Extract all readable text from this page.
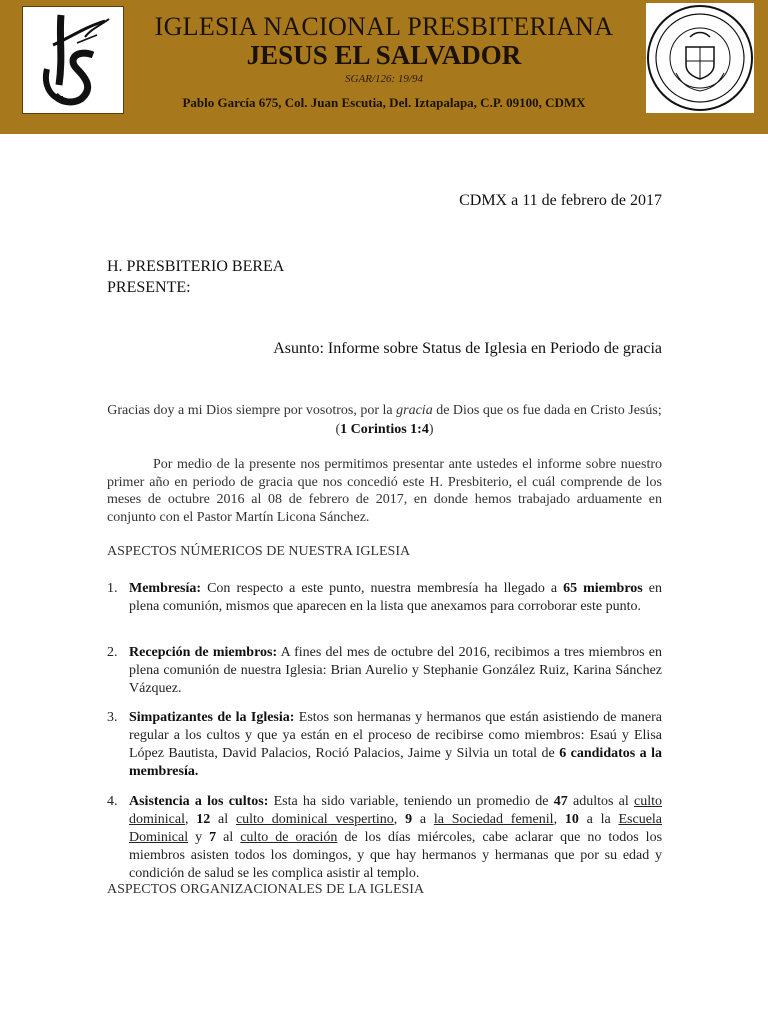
IGLESIA NACIONAL PRESBITERIANA
JESUS EL SALVADOR
SGAR/126: 19/94
Pablo García 675, Col. Juan Escutia, Del. Iztapalapa, C.P. 09100, CDMX
CDMX a 11 de febrero de 2017
H. PRESBITERIO BEREA
PRESENTE:
Asunto: Informe sobre Status de Iglesia en Periodo de gracia
Gracias doy a mi Dios siempre por vosotros, por la gracia de Dios que os fue dada en Cristo Jesús; (1 Corintios 1:4)
Por medio de la presente nos permitimos presentar ante ustedes el informe sobre nuestro primer año en periodo de gracia que nos concedió este H. Presbiterio, el cuál comprende de los meses de octubre 2016 al 08 de febrero de 2017, en donde hemos trabajado arduamente en conjunto con el Pastor Martín Licona Sánchez.
ASPECTOS NÚMERICOS DE NUESTRA IGLESIA
1. Membresía: Con respecto a este punto, nuestra membresía ha llegado a 65 miembros en plena comunión, mismos que aparecen en la lista que anexamos para corroborar este punto.
2. Recepción de miembros: A fines del mes de octubre del 2016, recibimos a tres miembros en plena comunión de nuestra Iglesia: Brian Aurelio y Stephanie González Ruiz, Karina Sánchez Vázquez.
3. Simpatizantes de la Iglesia: Estos son hermanas y hermanos que están asistiendo de manera regular a los cultos y que ya están en el proceso de recibirse como miembros: Esaú y Elisa López Bautista, David Palacios, Roció Palacios, Jaime y Silvia un total de 6 candidatos a la membresía.
4. Asistencia a los cultos: Esta ha sido variable, teniendo un promedio de 47 adultos al culto dominical, 12 al culto dominical vespertino, 9 a la Sociedad femenil, 10 a la Escuela Dominical y 7 al culto de oración de los días miércoles, cabe aclarar que no todos los miembros asisten todos los domingos, y que hay hermanos y hermanas que por su edad y condición de salud se les complica asistir al templo.
ASPECTOS ORGANIZACIONALES DE LA IGLESIA
